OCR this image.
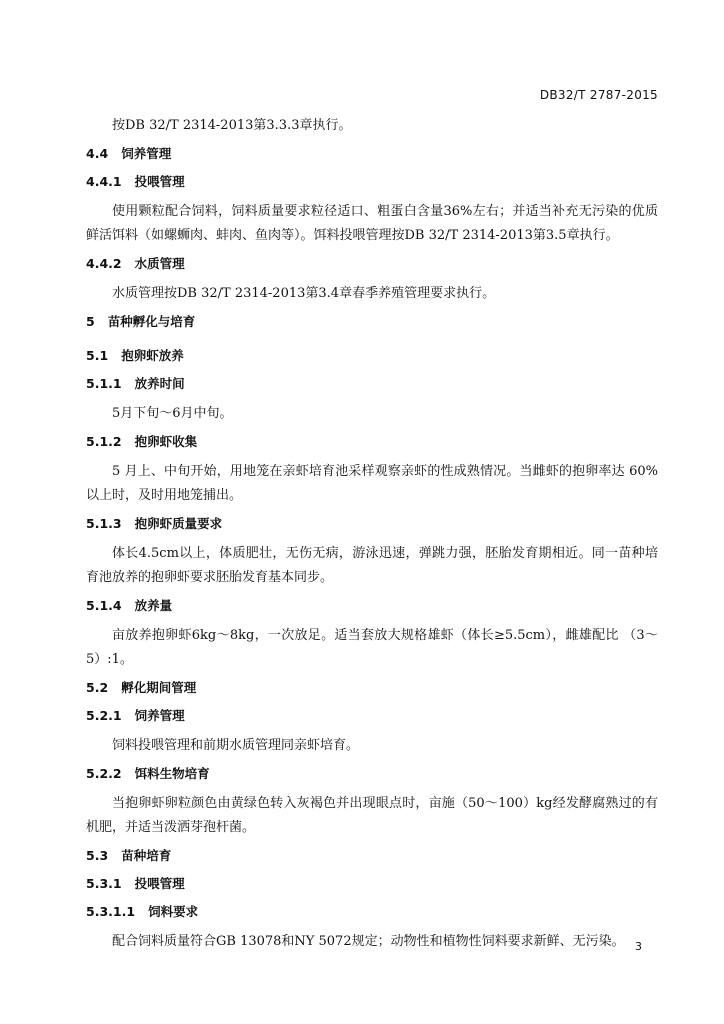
DB32/T 2787-2015
按DB 32/T 2314-2013第3.3.3章执行。
4.4 饲养管理
4.4.1 投喂管理
使用颗粒配合饲料，饲料质量要求粒径适口、粗蛋白含量36%左右；并适当补充无污染的优质鲜活饵料（如螺蛳肉、蚌肉、鱼肉等）。饵料投喂管理按DB 32/T 2314-2013第3.5章执行。
4.4.2 水质管理
水质管理按DB 32/T 2314-2013第3.4章春季养殖管理要求执行。
5 苗种孵化与培育
5.1 抱卵虾放养
5.1.1 放养时间
5月下旬～6月中旬。
5.1.2 抱卵虾收集
5 月上、中旬开始，用地笼在亲虾培育池采样观察亲虾的性成熟情况。当雌虾的抱卵率达 60%以上时，及时用地笼捕出。
5.1.3 抱卵虾质量要求
体长4.5cm以上，体质肥壮，无伤无病，游泳迅速，弹跳力强，胚胎发育期相近。同一苗种培育池放养的抱卵虾要求胚胎发育基本同步。
5.1.4 放养量
亩放养抱卵虾6kg～8kg，一次放足。适当套放大规格雄虾（体长≥5.5cm），雌雄配比 （3～5）:1。
5.2 孵化期间管理
5.2.1 饲养管理
饲料投喂管理和前期水质管理同亲虾培育。
5.2.2 饵料生物培育
当抱卵虾卵粒颜色由黄绿色转入灰褐色并出现眼点时，亩施（50～100）kg经发酵腐熟过的有机肥，并适当泼洒芽孢杆菌。
5.3 苗种培育
5.3.1 投喂管理
5.3.1.1 饲料要求
配合饲料质量符合GB 13078和NY 5072规定；动物性和植物性饲料要求新鲜、无污染。 3
